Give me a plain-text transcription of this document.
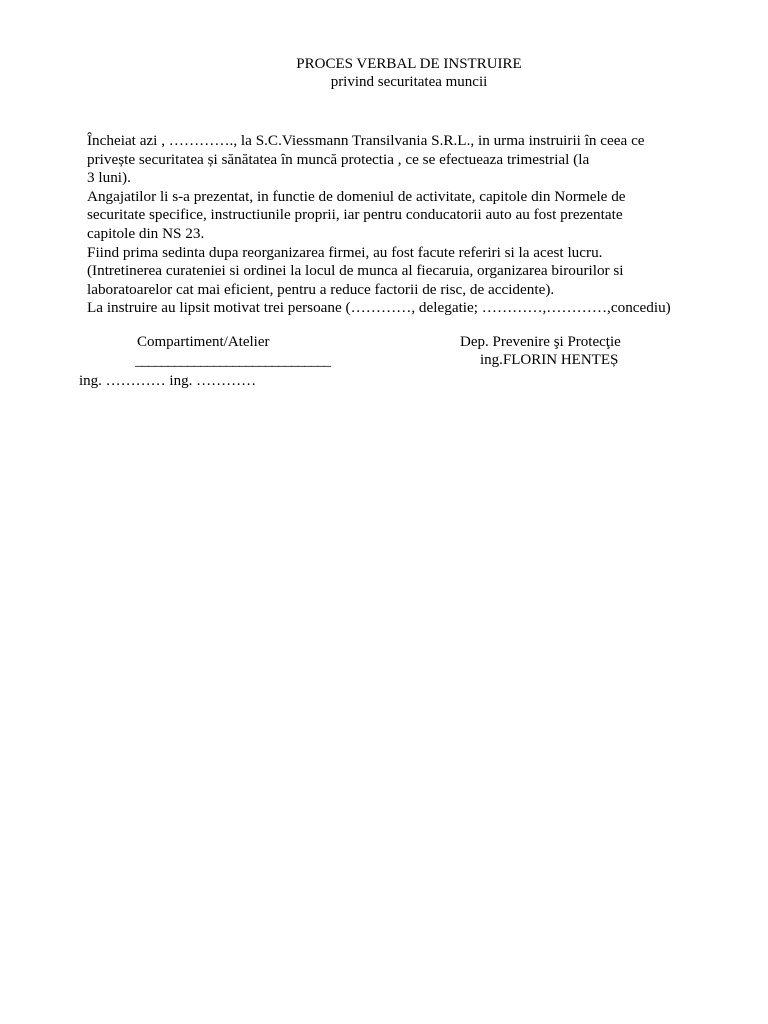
PROCES VERBAL DE INSTRUIRE
privind securitatea muncii
Încheiat azi , …………., la S.C.Viessmann Transilvania S.R.L., in urma instruirii în ceea ce
privește securitatea și sănătatea în muncă protectia , ce se efectueaza trimestrial (la
3 luni).
Angajatilor li s-a prezentat, in functie de domeniul de activitate, capitole din Normele de
securitate specifice, instructiunile proprii, iar pentru conducatorii auto au fost prezentate
capitole din NS 23.
Fiind prima sedinta dupa reorganizarea firmei, au fost facute referiri si la acest lucru.
(Intretinerea curateniei si ordinei la locul de munca al fiecaruia, organizarea birourilor si
laboratoarelor cat mai eficient, pentru a reduce factorii de risc, de accidente).
La instruire au lipsit motivat trei persoane (…………, delegatie; …………,…………,concediu)
Compartiment/Atelier
______________________________
ing. ………… ing. …………
Dep. Prevenire şi Protecţie
ing.FLORIN HENTEȘ
